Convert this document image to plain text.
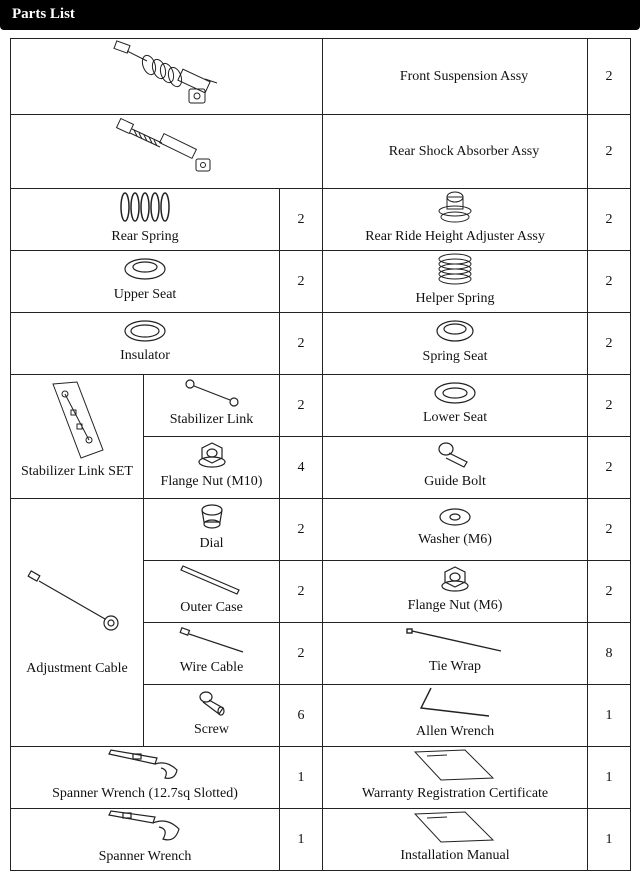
Parts List
	Front Suspension Assy	2
	Rear Shock Absorber Assy	2

Rear Spring		2	Rear Ride Height Adjuster Assy	2

Upper Seat		2	Helper Spring	2

Insulator		2	Spring Seat	2

Stabilizer Link SET	Stabilizer Link	2	Lower Seat	2

	Flange Nut (M10)	4	Guide Bolt	2

Adjustment Cable	Dial	2	Washer (M6)	2

	Outer Case	2	Flange Nut (M6)	2

	Wire Cable	2	Tie Wrap	8

	Screw	6	Allen Wrench	1

Spanner Wrench (12.7sq Slotted)		1	Warranty Registration Certificate	1

Spanner Wrench		1	Installation Manual	1
